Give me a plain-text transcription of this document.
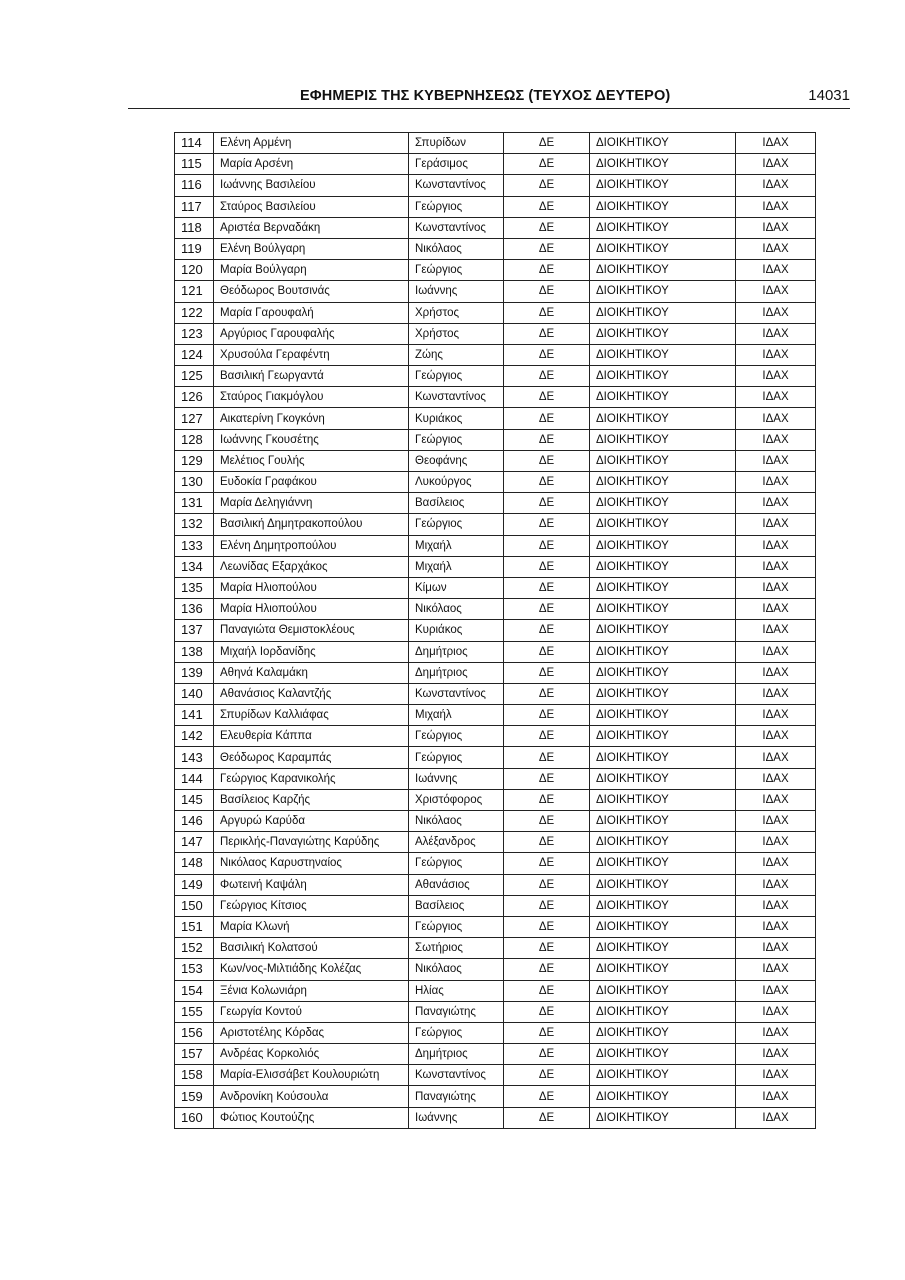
ΕΦΗΜΕΡΙΣ ΤΗΣ ΚΥΒΕΡΝΗΣΕΩΣ (ΤΕΥΧΟΣ ΔΕΥΤΕΡΟ)	14031
114	Ελένη Αρμένη	Σπυρίδων	ΔΕ	ΔΙΟΙΚΗΤΙΚΟΥ	ΙΔΑΧ
115	Μαρία Αρσένη	Γεράσιμος	ΔΕ	ΔΙΟΙΚΗΤΙΚΟΥ	ΙΔΑΧ
116	Ιωάννης Βασιλείου	Κωνσταντίνος	ΔΕ	ΔΙΟΙΚΗΤΙΚΟΥ	ΙΔΑΧ
117	Σταύρος Βασιλείου	Γεώργιος	ΔΕ	ΔΙΟΙΚΗΤΙΚΟΥ	ΙΔΑΧ
118	Αριστέα Βερναδάκη	Κωνσταντίνος	ΔΕ	ΔΙΟΙΚΗΤΙΚΟΥ	ΙΔΑΧ
119	Ελένη Βούλγαρη	Νικόλαος	ΔΕ	ΔΙΟΙΚΗΤΙΚΟΥ	ΙΔΑΧ
120	Μαρία Βούλγαρη	Γεώργιος	ΔΕ	ΔΙΟΙΚΗΤΙΚΟΥ	ΙΔΑΧ
121	Θεόδωρος Βουτσινάς	Ιωάννης	ΔΕ	ΔΙΟΙΚΗΤΙΚΟΥ	ΙΔΑΧ
122	Μαρία Γαρουφαλή	Χρήστος	ΔΕ	ΔΙΟΙΚΗΤΙΚΟΥ	ΙΔΑΧ
123	Αργύριος Γαρουφαλής	Χρήστος	ΔΕ	ΔΙΟΙΚΗΤΙΚΟΥ	ΙΔΑΧ
124	Χρυσούλα Γεραφέντη	Ζώης	ΔΕ	ΔΙΟΙΚΗΤΙΚΟΥ	ΙΔΑΧ
125	Βασιλική Γεωργαντά	Γεώργιος	ΔΕ	ΔΙΟΙΚΗΤΙΚΟΥ	ΙΔΑΧ
126	Σταύρος Γιακμόγλου	Κωνσταντίνος	ΔΕ	ΔΙΟΙΚΗΤΙΚΟΥ	ΙΔΑΧ
127	Αικατερίνη Γκογκόνη	Κυριάκος	ΔΕ	ΔΙΟΙΚΗΤΙΚΟΥ	ΙΔΑΧ
128	Ιωάννης Γκουσέτης	Γεώργιος	ΔΕ	ΔΙΟΙΚΗΤΙΚΟΥ	ΙΔΑΧ
129	Μελέτιος Γουλής	Θεοφάνης	ΔΕ	ΔΙΟΙΚΗΤΙΚΟΥ	ΙΔΑΧ
130	Ευδοκία Γραφάκου	Λυκούργος	ΔΕ	ΔΙΟΙΚΗΤΙΚΟΥ	ΙΔΑΧ
131	Μαρία Δεληγιάννη	Βασίλειος	ΔΕ	ΔΙΟΙΚΗΤΙΚΟΥ	ΙΔΑΧ
132	Βασιλική Δημητρακοπούλου	Γεώργιος	ΔΕ	ΔΙΟΙΚΗΤΙΚΟΥ	ΙΔΑΧ
133	Ελένη Δημητροπούλου	Μιχαήλ	ΔΕ	ΔΙΟΙΚΗΤΙΚΟΥ	ΙΔΑΧ
134	Λεωνίδας Εξαρχάκος	Μιχαήλ	ΔΕ	ΔΙΟΙΚΗΤΙΚΟΥ	ΙΔΑΧ
135	Μαρία Ηλιοπούλου	Κίμων	ΔΕ	ΔΙΟΙΚΗΤΙΚΟΥ	ΙΔΑΧ
136	Μαρία Ηλιοπούλου	Νικόλαος	ΔΕ	ΔΙΟΙΚΗΤΙΚΟΥ	ΙΔΑΧ
137	Παναγιώτα Θεμιστοκλέους	Κυριάκος	ΔΕ	ΔΙΟΙΚΗΤΙΚΟΥ	ΙΔΑΧ
138	Μιχαήλ Ιορδανίδης	Δημήτριος	ΔΕ	ΔΙΟΙΚΗΤΙΚΟΥ	ΙΔΑΧ
139	Αθηνά Καλαμάκη	Δημήτριος	ΔΕ	ΔΙΟΙΚΗΤΙΚΟΥ	ΙΔΑΧ
140	Αθανάσιος Καλαντζής	Κωνσταντίνος	ΔΕ	ΔΙΟΙΚΗΤΙΚΟΥ	ΙΔΑΧ
141	Σπυρίδων Καλλιάφας	Μιχαήλ	ΔΕ	ΔΙΟΙΚΗΤΙΚΟΥ	ΙΔΑΧ
142	Ελευθερία Κάππα	Γεώργιος	ΔΕ	ΔΙΟΙΚΗΤΙΚΟΥ	ΙΔΑΧ
143	Θεόδωρος Καραμπάς	Γεώργιος	ΔΕ	ΔΙΟΙΚΗΤΙΚΟΥ	ΙΔΑΧ
144	Γεώργιος Καρανικολής	Ιωάννης	ΔΕ	ΔΙΟΙΚΗΤΙΚΟΥ	ΙΔΑΧ
145	Βασίλειος Καρζής	Χριστόφορος	ΔΕ	ΔΙΟΙΚΗΤΙΚΟΥ	ΙΔΑΧ
146	Αργυρώ Καρύδα	Νικόλαος	ΔΕ	ΔΙΟΙΚΗΤΙΚΟΥ	ΙΔΑΧ
147	Περικλής-Παναγιώτης Καρύδης	Αλέξανδρος	ΔΕ	ΔΙΟΙΚΗΤΙΚΟΥ	ΙΔΑΧ
148	Νικόλαος Καρυστηναίος	Γεώργιος	ΔΕ	ΔΙΟΙΚΗΤΙΚΟΥ	ΙΔΑΧ
149	Φωτεινή Καψάλη	Αθανάσιος	ΔΕ	ΔΙΟΙΚΗΤΙΚΟΥ	ΙΔΑΧ
150	Γεώργιος Κίτσιος	Βασίλειος	ΔΕ	ΔΙΟΙΚΗΤΙΚΟΥ	ΙΔΑΧ
151	Μαρία Κλωνή	Γεώργιος	ΔΕ	ΔΙΟΙΚΗΤΙΚΟΥ	ΙΔΑΧ
152	Βασιλική Κολατσού	Σωτήριος	ΔΕ	ΔΙΟΙΚΗΤΙΚΟΥ	ΙΔΑΧ
153	Κων/νος-Μιλτιάδης Κολέζας	Νικόλαος	ΔΕ	ΔΙΟΙΚΗΤΙΚΟΥ	ΙΔΑΧ
154	Ξένια Κολωνιάρη	Ηλίας	ΔΕ	ΔΙΟΙΚΗΤΙΚΟΥ	ΙΔΑΧ
155	Γεωργία Κοντού	Παναγιώτης	ΔΕ	ΔΙΟΙΚΗΤΙΚΟΥ	ΙΔΑΧ
156	Αριστοτέλης Κόρδας	Γεώργιος	ΔΕ	ΔΙΟΙΚΗΤΙΚΟΥ	ΙΔΑΧ
157	Ανδρέας Κορκολιός	Δημήτριος	ΔΕ	ΔΙΟΙΚΗΤΙΚΟΥ	ΙΔΑΧ
158	Μαρία-Ελισσάβετ Κουλουριώτη	Κωνσταντίνος	ΔΕ	ΔΙΟΙΚΗΤΙΚΟΥ	ΙΔΑΧ
159	Ανδρονίκη Κούσουλα	Παναγιώτης	ΔΕ	ΔΙΟΙΚΗΤΙΚΟΥ	ΙΔΑΧ
160	Φώτιος Κουτούζης	Ιωάννης	ΔΕ	ΔΙΟΙΚΗΤΙΚΟΥ	ΙΔΑΧ
